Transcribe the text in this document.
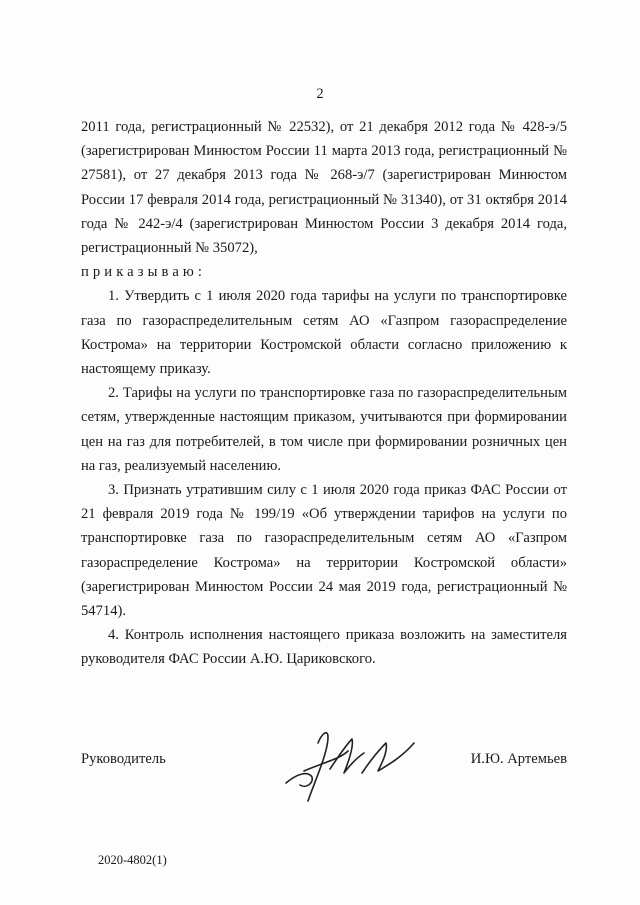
2

2011 года, регистрационный № 22532), от 21 декабря 2012 года № 428-э/5 (зарегистрирован Минюстом России 11 марта 2013 года, регистрационный № 27581), от 27 декабря 2013 года № 268-э/7 (зарегистрирован Минюстом России 17 февраля 2014 года, регистрационный № 31340), от 31 октября 2014 года № 242-э/4 (зарегистрирован Минюстом России 3 декабря 2014 года, регистрационный № 35072),

приказываю:

1. Утвердить с 1 июля 2020 года тарифы на услуги по транспортировке газа по газораспределительным сетям АО «Газпром газораспределение Кострома» на территории Костромской области согласно приложению к настоящему приказу.

2. Тарифы на услуги по транспортировке газа по газораспределительным сетям, утвержденные настоящим приказом, учитываются при формировании цен на газ для потребителей, в том числе при формировании розничных цен на газ, реализуемый населению.

3. Признать утратившим силу с 1 июля 2020 года приказ ФАС России от 21 февраля 2019 года № 199/19 «Об утверждении тарифов на услуги по транспортировке газа по газораспределительным сетям АО «Газпром газораспределение Кострома» на территории Костромской области» (зарегистрирован Минюстом России 24 мая 2019 года, регистрационный № 54714).

4. Контроль исполнения настоящего приказа возложить на заместителя руководителя ФАС России А.Ю. Цариковского.

Руководитель	И.Ю. Артемьев
2020-4802(1)
